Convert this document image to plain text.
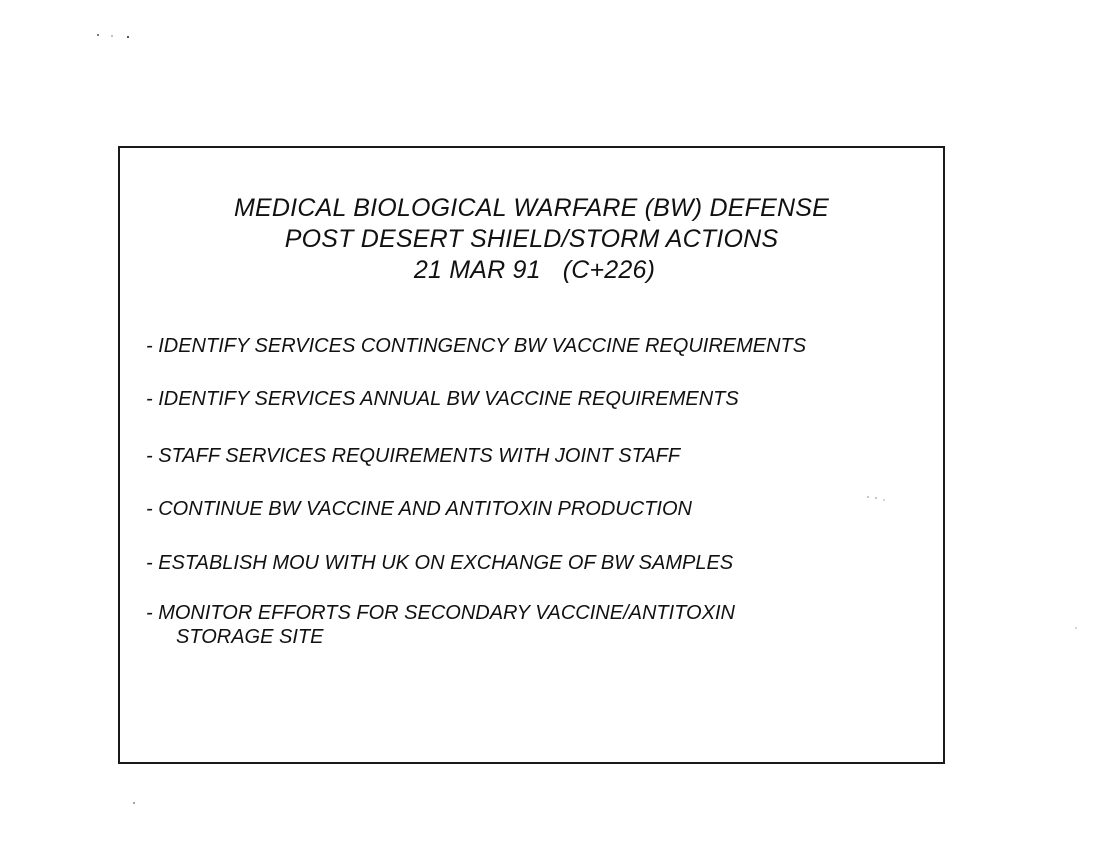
MEDICAL BIOLOGICAL WARFARE (BW) DEFENSE
POST DESERT SHIELD/STORM ACTIONS
21 MAR 91 (C+226)
- IDENTIFY SERVICES CONTINGENCY BW VACCINE REQUIREMENTS
- IDENTIFY SERVICES ANNUAL BW VACCINE REQUIREMENTS
- STAFF SERVICES REQUIREMENTS WITH JOINT STAFF
- CONTINUE BW VACCINE AND ANTITOXIN PRODUCTION
- ESTABLISH MOU WITH UK ON EXCHANGE OF BW SAMPLES
- MONITOR EFFORTS FOR SECONDARY VACCINE/ANTITOXIN
STORAGE SITE
